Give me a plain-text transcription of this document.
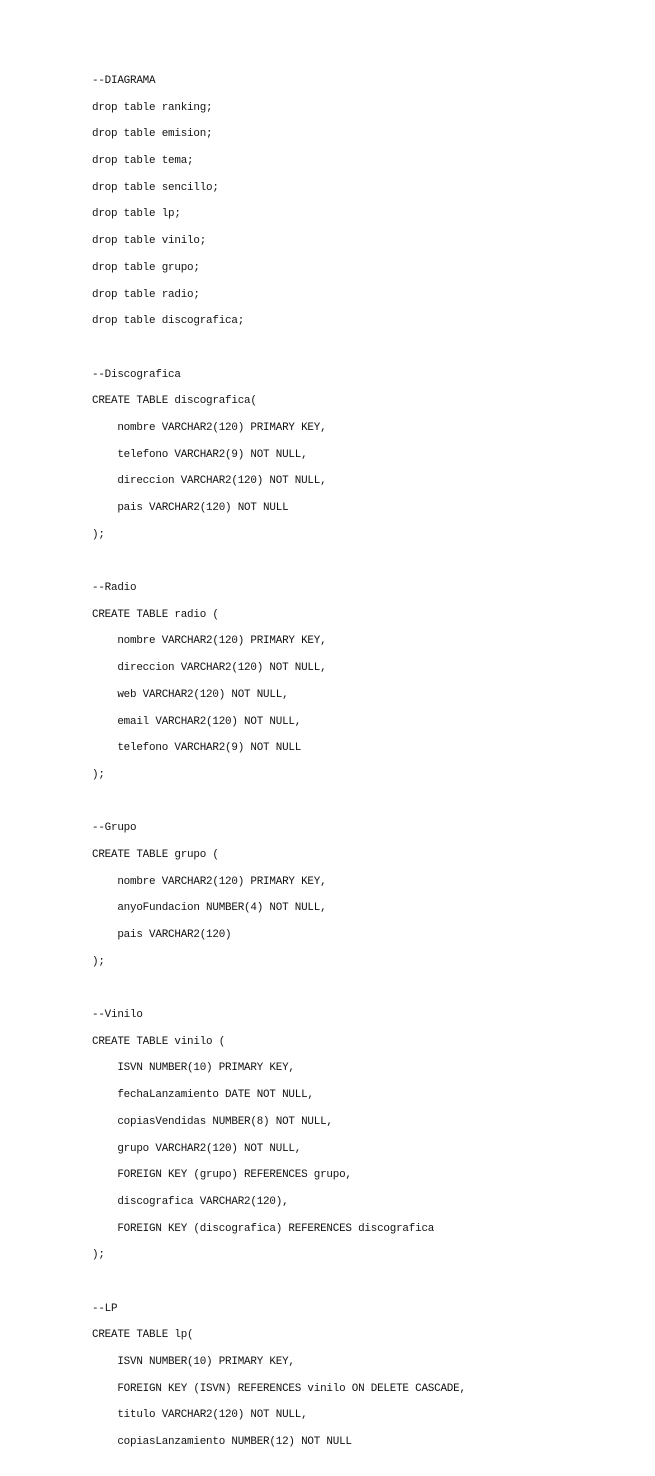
--DIAGRAMA

drop table ranking;

drop table emision;

drop table tema;

drop table sencillo;

drop table lp;

drop table vinilo;

drop table grupo;

drop table radio;

drop table discografica;

--Discografica

CREATE TABLE discografica(

nombre VARCHAR2(120) PRIMARY KEY,

telefono VARCHAR2(9) NOT NULL,

direccion VARCHAR2(120) NOT NULL,

pais VARCHAR2(120) NOT NULL

);

--Radio

CREATE TABLE radio (

nombre VARCHAR2(120) PRIMARY KEY,

direccion VARCHAR2(120) NOT NULL,

web VARCHAR2(120) NOT NULL,

email VARCHAR2(120) NOT NULL,

telefono VARCHAR2(9) NOT NULL

);

--Grupo

CREATE TABLE grupo (

nombre VARCHAR2(120) PRIMARY KEY,

anyoFundacion NUMBER(4) NOT NULL,

pais VARCHAR2(120)

);

--Vinilo

CREATE TABLE vinilo (

ISVN NUMBER(10) PRIMARY KEY,

fechaLanzamiento DATE NOT NULL,

copiasVendidas NUMBER(8) NOT NULL,

grupo VARCHAR2(120) NOT NULL,

FOREIGN KEY (grupo) REFERENCES grupo,

discografica VARCHAR2(120),

FOREIGN KEY (discografica) REFERENCES discografica

);

--LP

CREATE TABLE lp(

ISVN NUMBER(10) PRIMARY KEY,

FOREIGN KEY (ISVN) REFERENCES vinilo ON DELETE CASCADE,

titulo VARCHAR2(120) NOT NULL,

copiasLanzamiento NUMBER(12) NOT NULL
